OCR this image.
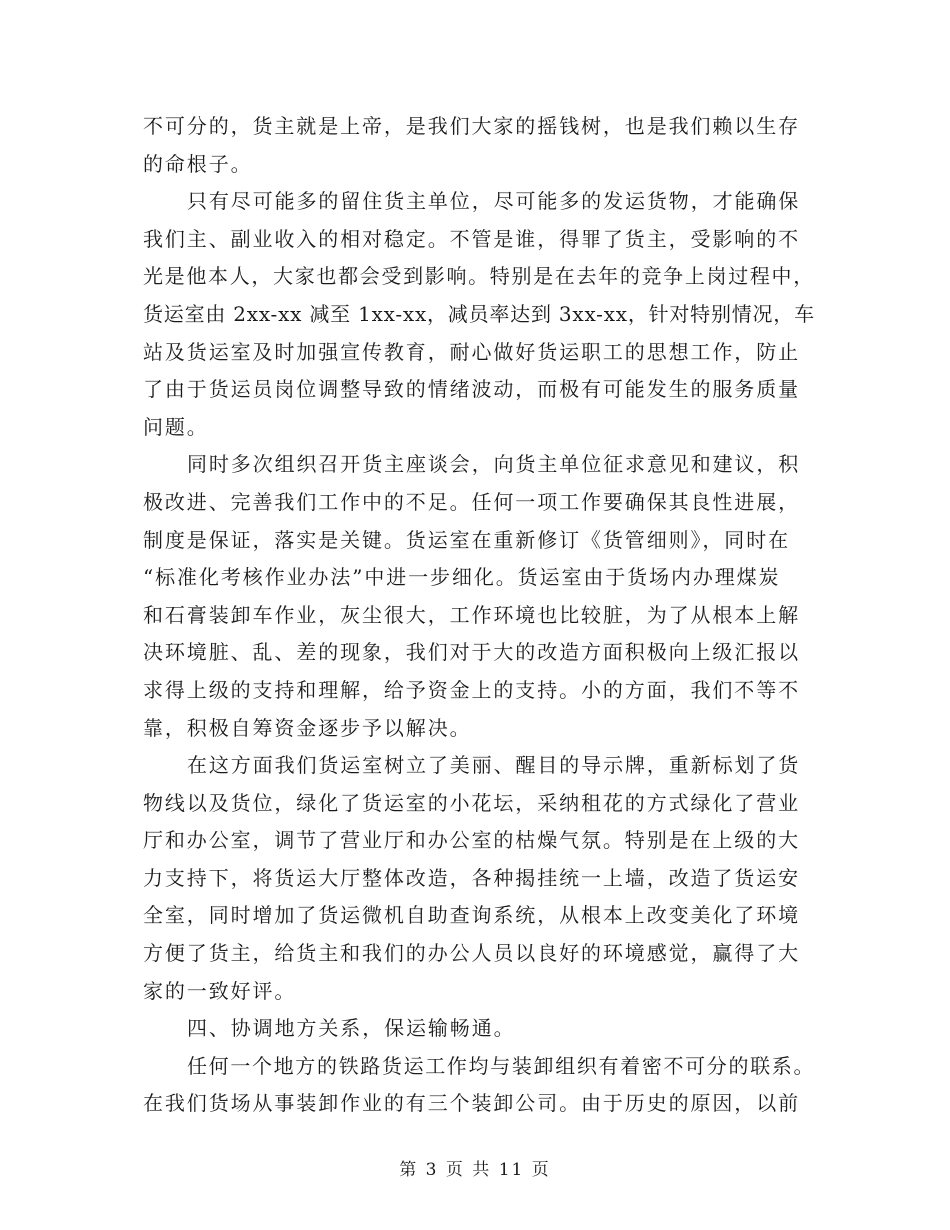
不可分的，货主就是上帝，是我们大家的摇钱树，也是我们赖以生存
的命根子。
只有尽可能多的留住货主单位，尽可能多的发运货物，才能确保
我们主、副业收入的相对稳定。不管是谁，得罪了货主，受影响的不
光是他本人，大家也都会受到影响。特别是在去年的竞争上岗过程中，
货运室由 2xx-xx 减至 1xx-xx，减员率达到 3xx-xx，针对特别情况，车
站及货运室及时加强宣传教育，耐心做好货运职工的思想工作，防止
了由于货运员岗位调整导致的情绪波动，而极有可能发生的服务质量
问题。
同时多次组织召开货主座谈会，向货主单位征求意见和建议，积
极改进、完善我们工作中的不足。任何一项工作要确保其良性进展，
制度是保证，落实是关键。货运室在重新修订《货管细则》，同时在
“标准化考核作业办法”中进一步细化。货运室由于货场内办理煤炭
和石膏装卸车作业，灰尘很大，工作环境也比较脏，为了从根本上解
决环境脏、乱、差的现象，我们对于大的改造方面积极向上级汇报以
求得上级的支持和理解，给予资金上的支持。小的方面，我们不等不
靠，积极自筹资金逐步予以解决。
在这方面我们货运室树立了美丽、醒目的导示牌，重新标划了货
物线以及货位，绿化了货运室的小花坛，采纳租花的方式绿化了营业
厅和办公室，调节了营业厅和办公室的枯燥气氛。特别是在上级的大
力支持下，将货运大厅整体改造，各种揭挂统一上墙，改造了货运安
全室，同时增加了货运微机自助查询系统，从根本上改变美化了环境
方便了货主，给货主和我们的办公人员以良好的环境感觉，赢得了大
家的一致好评。
四、协调地方关系，保运输畅通。
任何一个地方的铁路货运工作均与装卸组织有着密不可分的联系。
在我们货场从事装卸作业的有三个装卸公司。由于历史的原因，以前
第 3 页 共 11 页
